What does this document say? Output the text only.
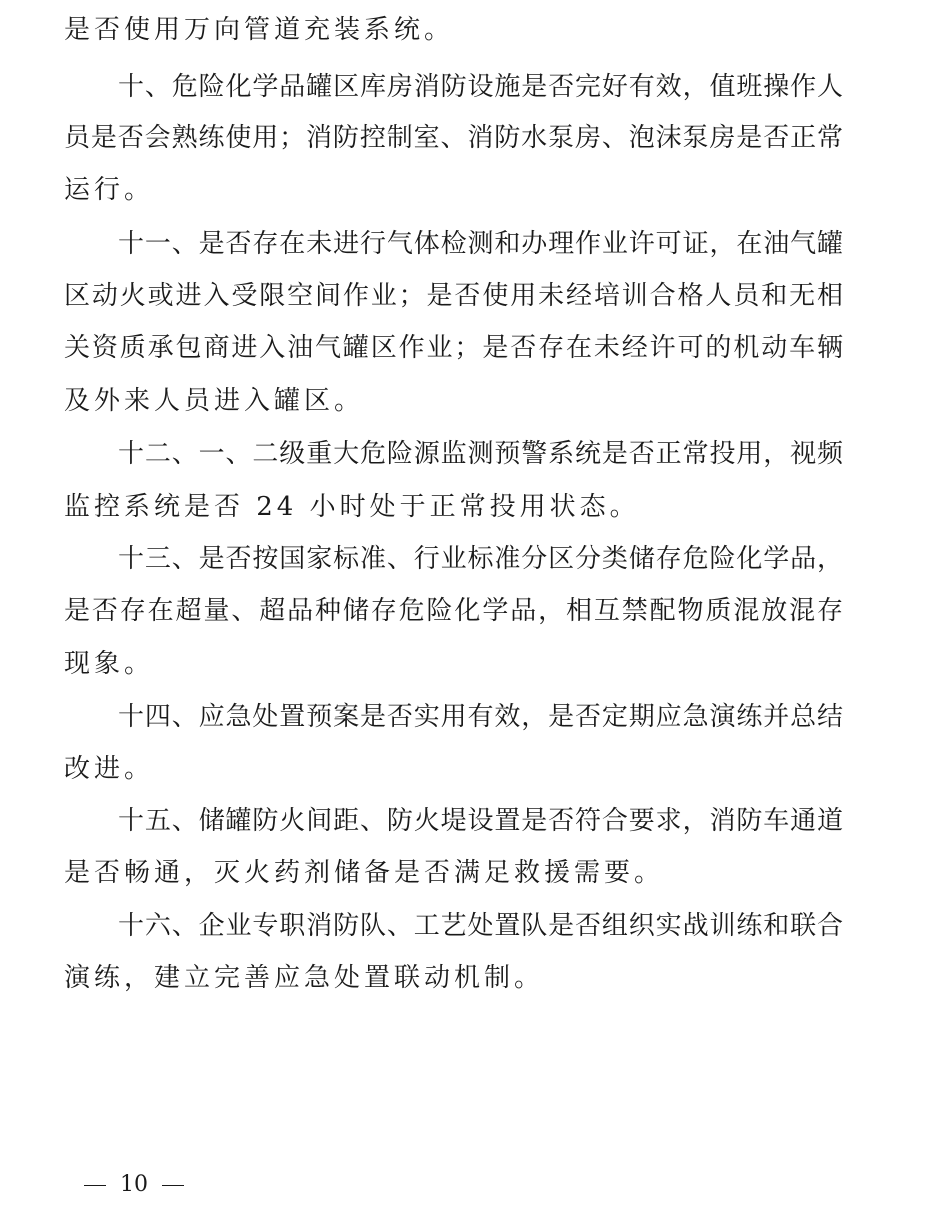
是否使用万向管道充装系统。
十、危险化学品罐区库房消防设施是否完好有效，值班操作人
员是否会熟练使用；消防控制室、消防水泵房、泡沫泵房是否正常
运行。
十一、是否存在未进行气体检测和办理作业许可证，在油气罐
区动火或进入受限空间作业；是否使用未经培训合格人员和无相
关资质承包商进入油气罐区作业；是否存在未经许可的机动车辆
及外来人员进入罐区。
十二、一、二级重大危险源监测预警系统是否正常投用，视频
监控系统是否 24 小时处于正常投用状态。
十三、是否按国家标准、行业标准分区分类储存危险化学品，
是否存在超量、超品种储存危险化学品，相互禁配物质混放混存
现象。
十四、应急处置预案是否实用有效，是否定期应急演练并总结
改进。
十五、储罐防火间距、防火堤设置是否符合要求，消防车通道
是否畅通，灭火药剂储备是否满足救援需要。
十六、企业专职消防队、工艺处置队是否组织实战训练和联合
演练，建立完善应急处置联动机制。
10
